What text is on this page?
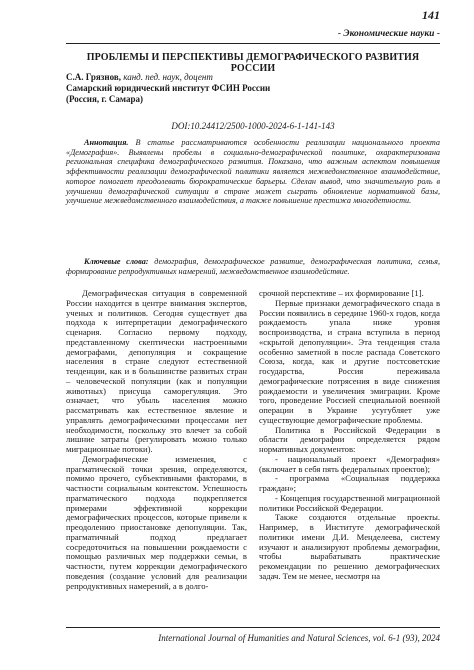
141
- Экономические науки -
ПРОБЛЕМЫ И ПЕРСПЕКТИВЫ ДЕМОГРАФИЧЕСКОГО РАЗВИТИЯ РОССИИ
С.А. Грязнов, канд. пед. наук, доцент
Самарский юридический институт ФСИН России
(Россия, г. Самара)
DOI:10.24412/2500-1000-2024-6-1-141-143
Аннотация. В статье рассматриваются особенности реализации национального проекта «Демография». Выявлены пробелы в социально-демографической политике, охарактеризована региональная специфика демографического развития. Показано, что важным аспектом повышения эффективности реализации демографической политики является межведомственное взаимодействие, которое помогает преодолевать бюрократические барьеры. Сделан вывод, что значительную роль в улучшении демографической ситуации в стране может сыграть обновление нормативной базы, улучшение межведомственного взаимодействия, а также повышение престижа многодетности.
Ключевые слова: демография, демографическое развитие, демографическая политика, семья, формирование репродуктивных намерений, межведомственное взаимодействие.

Демографическая ситуация в современной России находится в центре внимания экспертов, ученых и политиков. Сегодня существует два подхода к интерпретации демографического сценария. Согласно первому подходу, представленному скептически настроенными демографами, депопуляция и сокращение населения в стране следуют естественной тенденции, как и в большинстве развитых стран – человеческой популяции (как и популяции животных) присуща саморегуляция. Это означает, что убыль населения можно рассматривать как естественное явление и управлять демографическими процессами нет необходимости, поскольку это влечет за собой лишние затраты (регулировать можно только миграционные потоки).

Демографические изменения, с прагматической точки зрения, определяются, помимо прочего, субъективными факторами, в частности социальным контекстом. Успешность прагматического подхода подкрепляется примерами эффективной коррекции демографических процессов, которые привели к преодолению приостановке депопуляции. Так, прагматичный подход предлагает сосредоточиться на повышении рождаемости с помощью различных мер поддержки семьи, в частности, путем коррекции демографического поведения (создание условий для реализации репродуктивных намерений, а в долго-

срочной перспективе – их формирование [1].

Первые признаки демографического спада в России появились в середине 1960-х годов, когда рождаемость упала ниже уровня воспроизводства, и страна вступила в период «скрытой депопуляции». Эта тенденция стала особенно заметной в после распада Советского Союза, когда, как и другие постсоветские государства, Россия переживала демографические потрясения в виде снижения рождаемости и увеличения эмиграции. Кроме того, проведение Россией специальной военной операции в Украине усугубляет уже существующие демографические проблемы.

Политика в Российской Федерации в области демографии определяется рядом нормативных документов:

- национальный проект «Демография» (включает в себя пять федеральных проектов);

- программа «Социальная поддержка граждан»;

- Концепция государственной миграционной политики Российской Федерации.

Также создаются отдельные проекты. Например, в Институте демографической политики имени Д.И. Менделеева, систему изучают и анализируют проблемы демографии, чтобы вырабатывать практические рекомендации по решению демографических задач. Тем не менее, несмотря на

International Journal of Humanities and Natural Sciences, vol. 6-1 (93), 2024
